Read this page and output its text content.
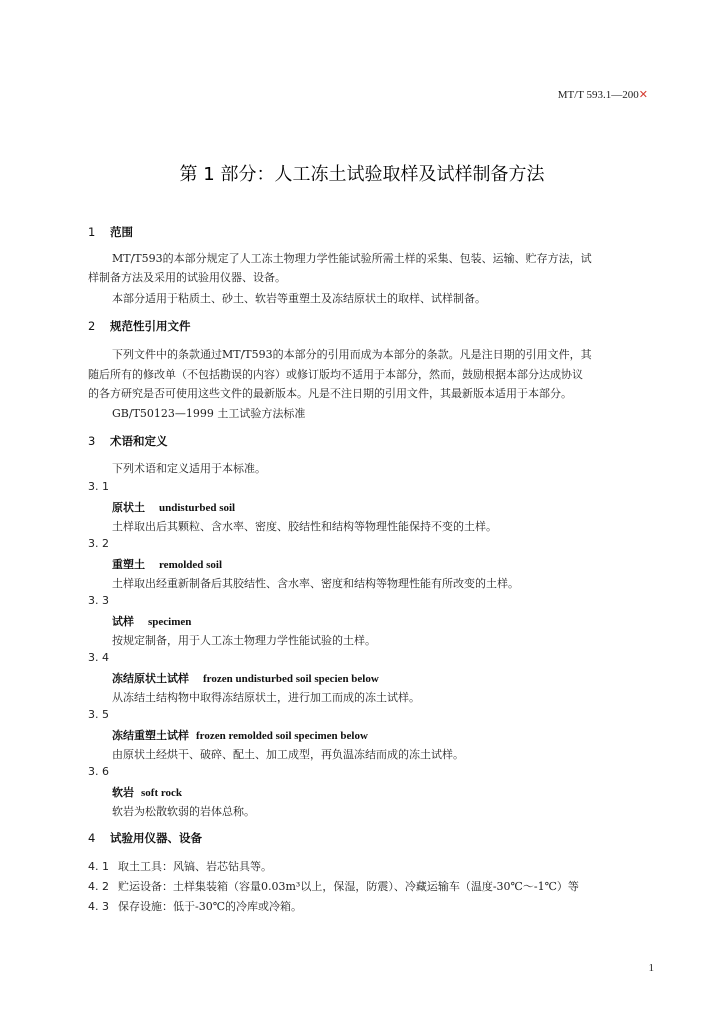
MT/T 593.1—200✕
第 1 部分：人工冻土试验取样及试样制备方法
1 范围
MT/T593的本部分规定了人工冻土物理力学性能试验所需土样的采集、包装、运输、贮存方法，试
样制备方法及采用的试验用仪器、设备。
本部分适用于粘质土、砂土、软岩等重塑土及冻结原状土的取样、试样制备。
2 规范性引用文件
下列文件中的条款通过MT/T593的本部分的引用而成为本部分的条款。凡是注日期的引用文件，其
随后所有的修改单（不包括勘误的内容）或修订版均不适用于本部分，然而，鼓励根据本部分达成协议
的各方研究是否可使用这些文件的最新版本。凡是不注日期的引用文件，其最新版本适用于本部分。
GB/T50123—1999 土工试验方法标准
3 术语和定义
下列术语和定义适用于本标准。
3. 1
原状土 undisturbed soil
土样取出后其颗粒、含水率、密度、胶结性和结构等物理性能保持不变的土样。
3. 2
重塑土 remolded soil
土样取出经重新制备后其胶结性、含水率、密度和结构等物理性能有所改变的土样。
3. 3
试样 specimen
按规定制备，用于人工冻土物理力学性能试验的土样。
3. 4
冻结原状土试样 frozen undisturbed soil specien below
从冻结土结构物中取得冻结原状土，进行加工而成的冻土试样。
3. 5
冻结重塑土试样 frozen remolded soil specimen below
由原状土经烘干、破碎、配土、加工成型，再负温冻结而成的冻土试样。
3. 6
软岩 soft rock
软岩为松散软弱的岩体总称。
4 试验用仪器、设备
4. 1 取土工具：风镐、岩芯钻具等。
4. 2 贮运设备：土样集装箱（容量0.03m³以上，保湿，防震）、冷藏运输车（温度-30℃～-1℃）等
4. 3 保存设施：低于-30℃的冷库或冷箱。
1
